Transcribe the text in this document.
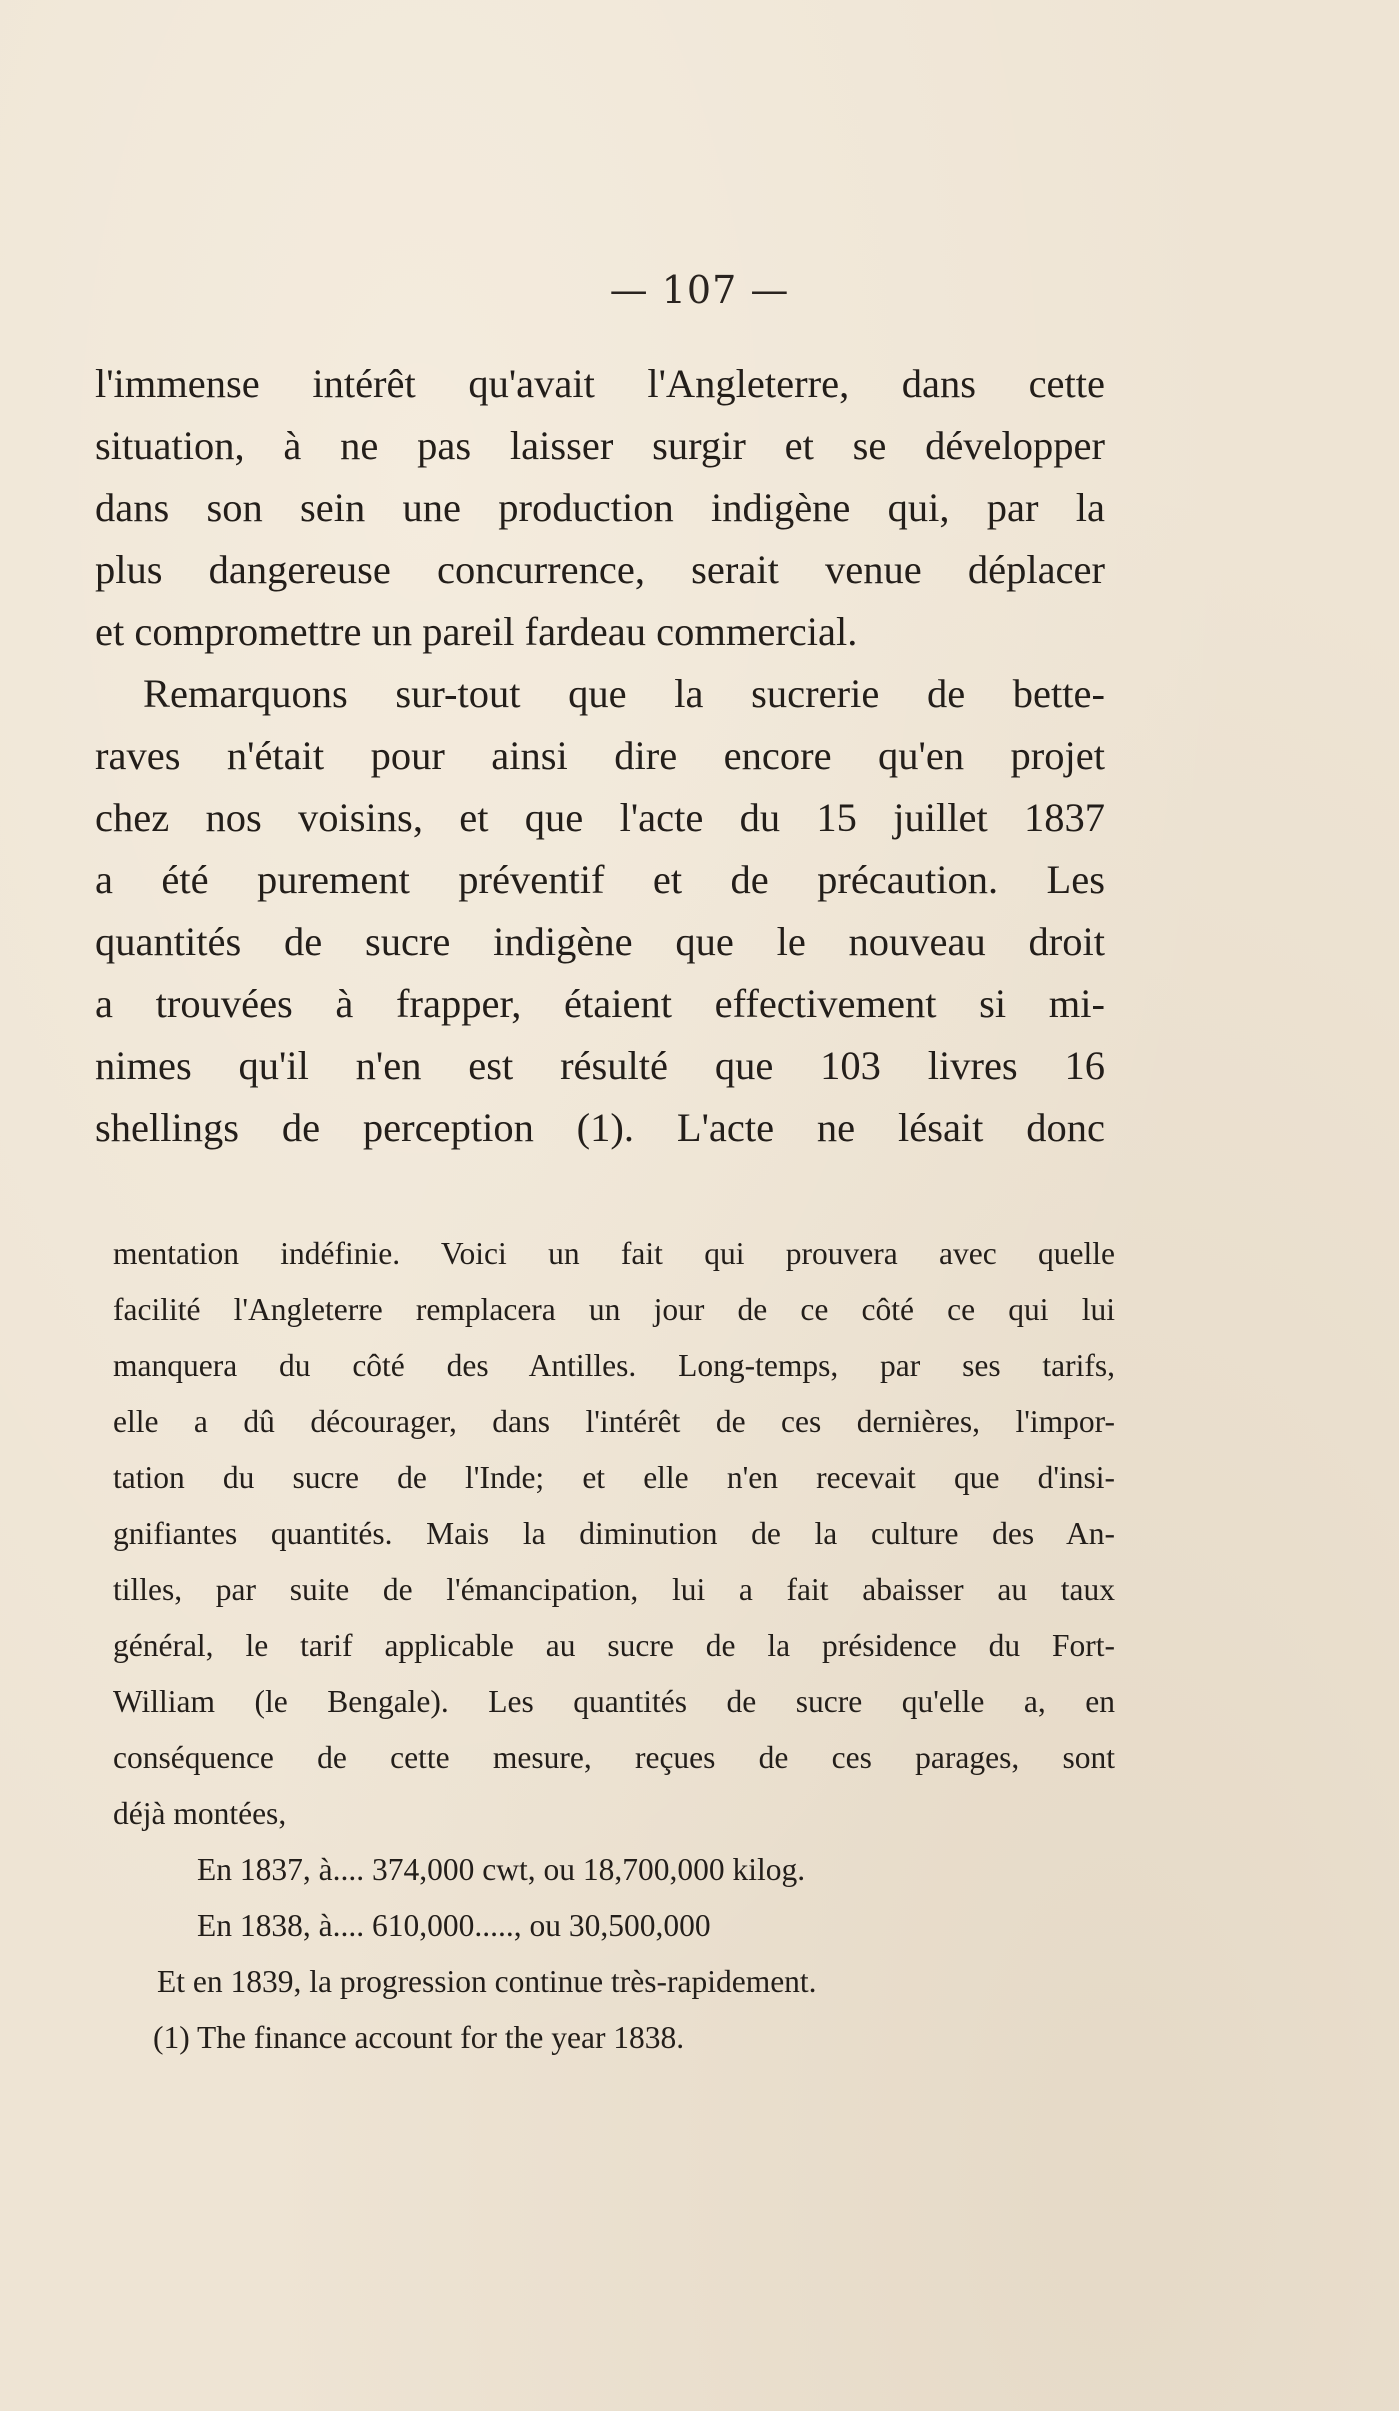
— 107 —
l'immense intérêt qu'avait l'Angleterre, dans cette
situation, à ne pas laisser surgir et se développer
dans son sein une production indigène qui, par la
plus dangereuse concurrence, serait venue déplacer
et compromettre un pareil fardeau commercial.
Remarquons sur-tout que la sucrerie de bette-
raves n'était pour ainsi dire encore qu'en projet
chez nos voisins, et que l'acte du 15 juillet 1837
a été purement préventif et de précaution. Les
quantités de sucre indigène que le nouveau droit
a trouvées à frapper, étaient effectivement si mi-
nimes qu'il n'en est résulté que 103 livres 16
shellings de perception (1). L'acte ne lésait donc
mentation indéfinie. Voici un fait qui prouvera avec quelle
facilité l'Angleterre remplacera un jour de ce côté ce qui lui
manquera du côté des Antilles. Long-temps, par ses tarifs,
elle a dû décourager, dans l'intérêt de ces dernières, l'impor-
tation du sucre de l'Inde; et elle n'en recevait que d'insi-
gnifiantes quantités. Mais la diminution de la culture des An-
tilles, par suite de l'émancipation, lui a fait abaisser au taux
général, le tarif applicable au sucre de la présidence du Fort-
William (le Bengale). Les quantités de sucre qu'elle a, en
conséquence de cette mesure, reçues de ces parages, sont
déjà montées,
En 1837, à.... 374,000 cwt, ou 18,700,000 kilog.
En 1838, à.... 610,000....., ou 30,500,000
Et en 1839, la progression continue très-rapidement.
(1) The finance account for the year 1838.
